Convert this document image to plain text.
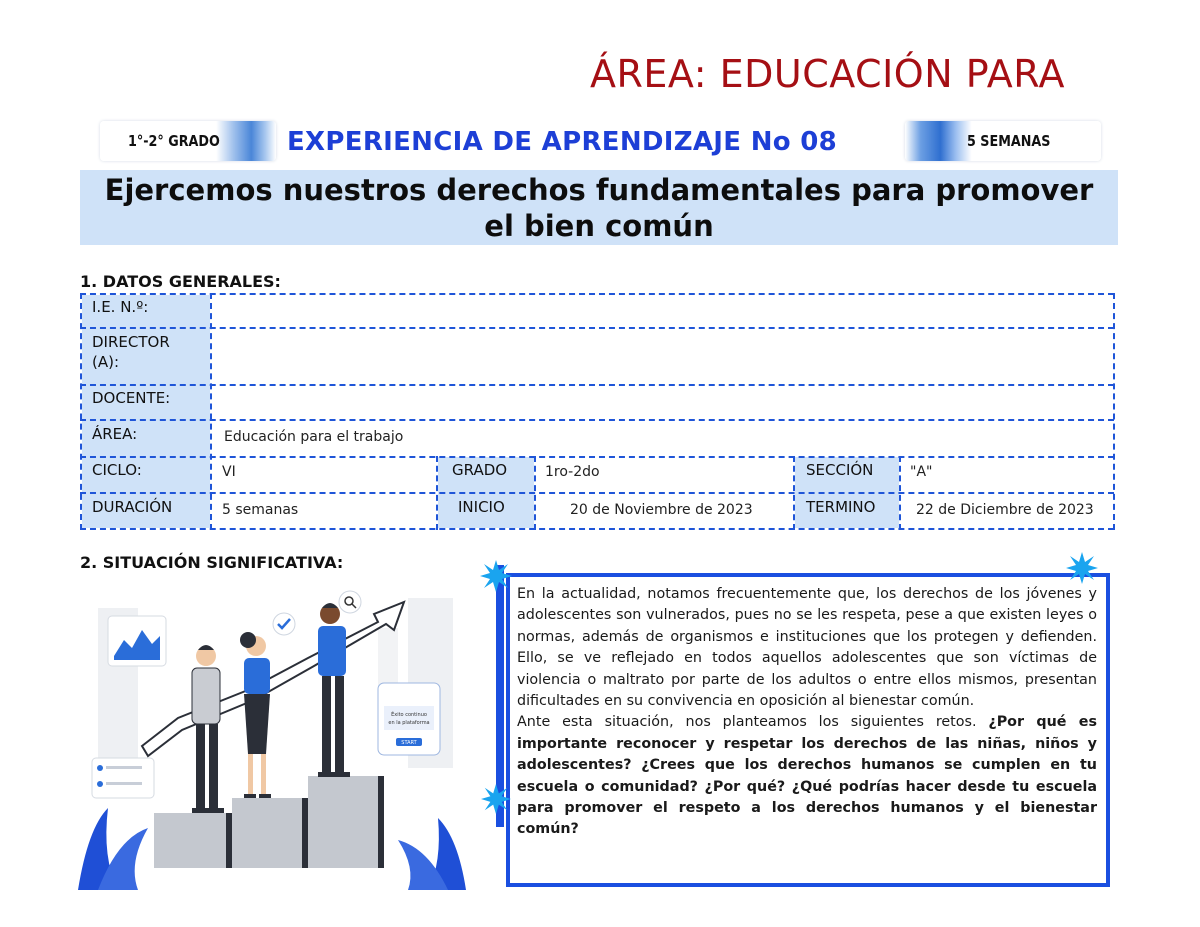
ÁREA: EDUCACIÓN PARA
1°-2° GRADO	EXPERIENCIA DE APRENDIZAJE No 08	5 SEMANAS
Ejercemos nuestros derechos fundamentales para promover
el bien común
1. DATOS GENERALES:
I.E. N.º:
DIRECTOR (A):
DOCENTE:
ÁREA:	Educación para el trabajo
CICLO:	VI	GRADO	1ro-2do	SECCIÓN	"A"
DURACIÓN	5 semanas	INICIO	20 de Noviembre de 2023	TERMINO	22 de Diciembre de 2023
2. SITUACIÓN SIGNIFICATIVA:
Éxito continuo
en la plataforma
START
En la actualidad, notamos frecuentemente que, los derechos de los jóvenes y adolescentes son vulnerados, pues no se les respeta, pese a que existen leyes o normas, además de organismos e instituciones que los protegen y defienden. Ello, se ve reflejado en todos aquellos adolescentes que son víctimas de violencia o maltrato por parte de los adultos o entre ellos mismos, presentan dificultades en su convivencia en oposición al bienestar común.
Ante esta situación, nos planteamos los siguientes retos. ¿Por qué es importante reconocer y respetar los derechos de las niñas, niños y adolescentes? ¿Crees que los derechos humanos se cumplen en tu escuela o comunidad? ¿Por qué? ¿Qué podrías hacer desde tu escuela para promover el respeto a los derechos humanos y el bienestar común?
